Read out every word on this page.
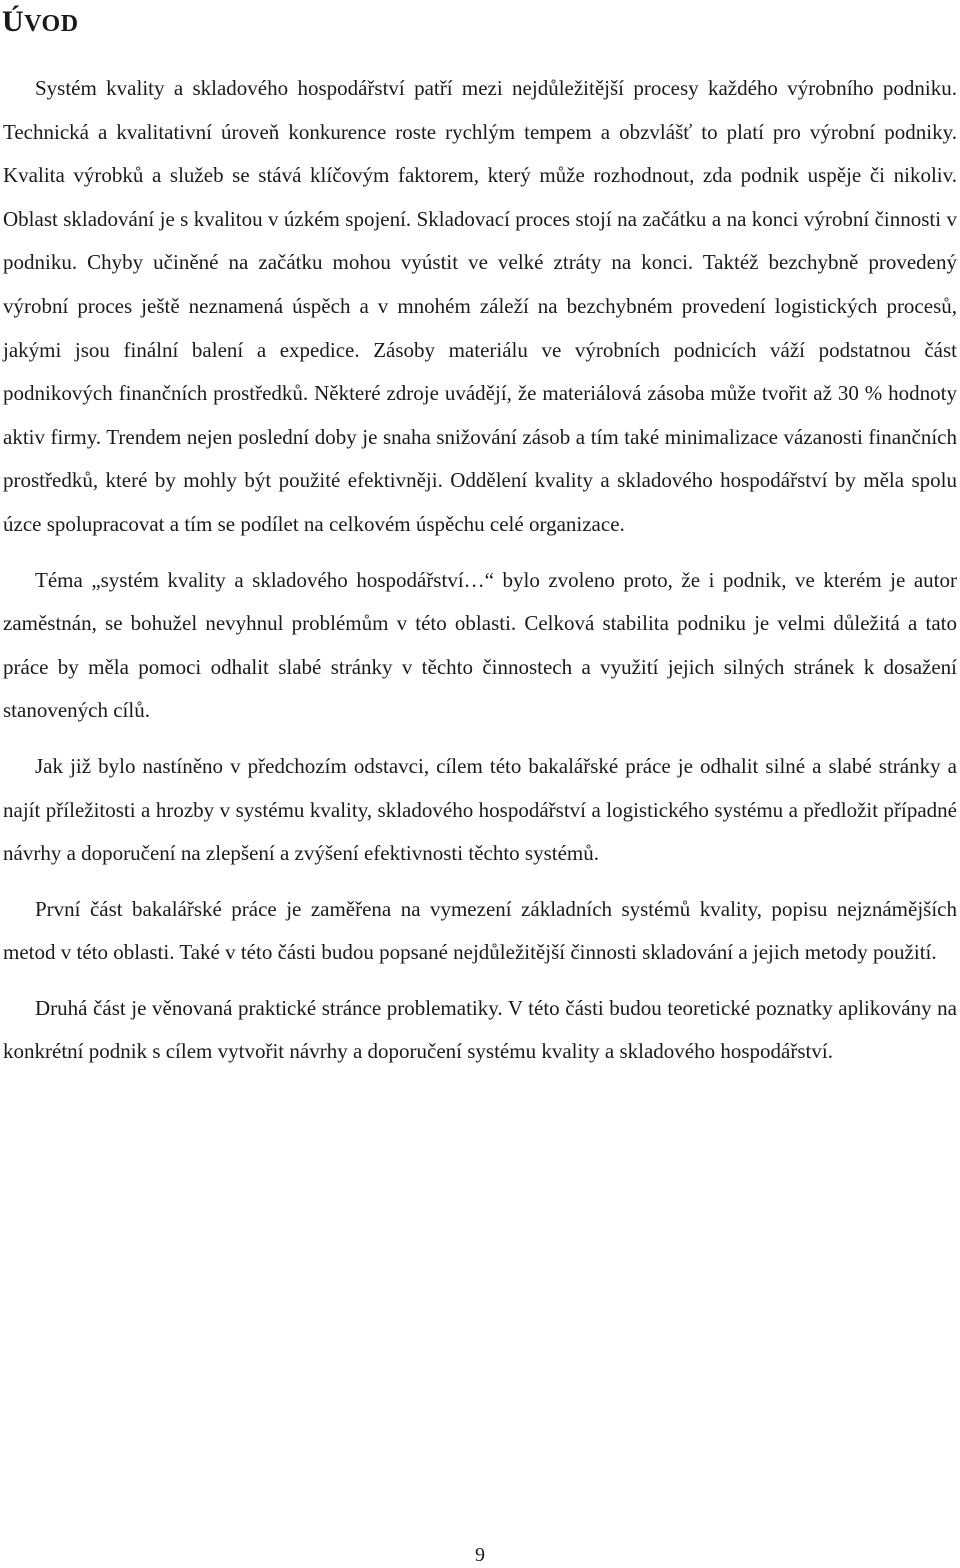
ÚVOD

Systém kvality a skladového hospodářství patří mezi nejdůležitější procesy každého výrobního podniku. Technická a kvalitativní úroveň konkurence roste rychlým tempem a obzvlášť to platí pro výrobní podniky. Kvalita výrobků a služeb se stává klíčovým faktorem, který může rozhodnout, zda podnik uspěje či nikoliv. Oblast skladování je s kvalitou v úzkém spojení. Skladovací proces stojí na začátku a na konci výrobní činnosti v podniku. Chyby učiněné na začátku mohou vyústit ve velké ztráty na konci. Taktéž bezchybně provedený výrobní proces ještě neznamená úspěch a v mnohém záleží na bezchybném provedení logistických procesů, jakými jsou finální balení a expedice. Zásoby materiálu ve výrobních podnicích váží podstatnou část podnikových finančních prostředků. Některé zdroje uvádějí, že materiálová zásoba může tvořit až 30 % hodnoty aktiv firmy. Trendem nejen poslední doby je snaha snižování zásob a tím také minimalizace vázanosti finančních prostředků, které by mohly být použité efektivněji. Oddělení kvality a skladového hospodářství by měla spolu úzce spolupracovat a tím se podílet na celkovém úspěchu celé organizace.

Téma „systém kvality a skladového hospodářství…“ bylo zvoleno proto, že i podnik, ve kterém je autor zaměstnán, se bohužel nevyhnul problémům v této oblasti. Celková stabilita podniku je velmi důležitá a tato práce by měla pomoci odhalit slabé stránky v těchto činnostech a využití jejich silných stránek k dosažení stanovených cílů.

Jak již bylo nastíněno v předchozím odstavci, cílem této bakalářské práce je odhalit silné a slabé stránky a najít příležitosti a hrozby v systému kvality, skladového hospodářství a logistického systému a předložit případné návrhy a doporučení na zlepšení a zvýšení efektivnosti těchto systémů.

První část bakalářské práce je zaměřena na vymezení základních systémů kvality, popisu nejznámějších metod v této oblasti. Také v této části budou popsané nejdůležitější činnosti skladování a jejich metody použití.

Druhá část je věnovaná praktické stránce problematiky. V této části budou teoretické poznatky aplikovány na konkrétní podnik s cílem vytvořit návrhy a doporučení systému kvality a skladového hospodářství.

9
